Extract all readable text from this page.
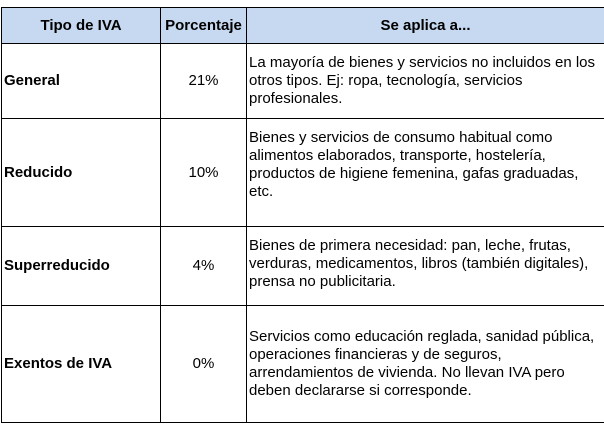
Tipo de IVA	Porcentaje	Se aplica a...
General	21%	La mayoría de bienes y servicios no incluidos en los otros tipos. Ej: ropa, tecnología, servicios profesionales.
Reducido	10%	Bienes y servicios de consumo habitual como alimentos elaborados, transporte, hostelería, productos de higiene femenina, gafas graduadas, etc.
Superreducido	4%	Bienes de primera necesidad: pan, leche, frutas, verduras, medicamentos, libros (también digitales), prensa no publicitaria.
Exentos de IVA	0%	Servicios como educación reglada, sanidad pública, operaciones financieras y de seguros, arrendamientos de vivienda. No llevan IVA pero deben declararse si corresponde.
